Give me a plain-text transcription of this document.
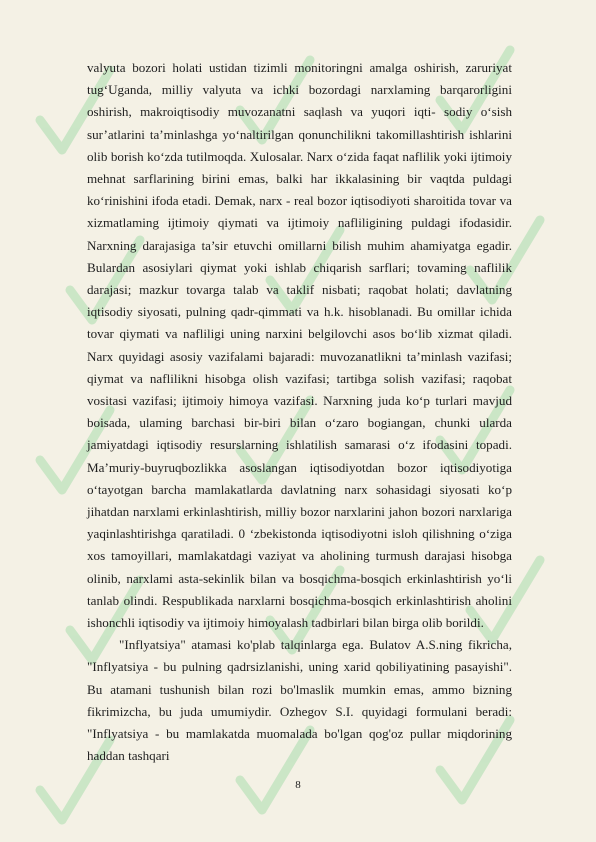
valyuta bozori holati ustidan tizimli monitoringni amalga oshirish, zaruriyat tug‘Uganda, milliy valyuta va ichki bozordagi narxlaming barqarorligini oshirish, makroiqtisodiy muvozanatni saqlash va yuqori iqti- sodiy o‘sish sur’atlarini ta’minlashga yo‘naltirilgan qonunchilikni takomillashtirish ishlarini olib borish ko‘zda tutilmoqda. Xulosalar. Narx o‘zida faqat naflilik yoki ijtimoiy mehnat sarflarining birini emas, balki har ikkalasining bir vaqtda puldagi ko‘rinishini ifoda etadi. Demak, narx - real bozor iqtisodiyoti sharoitida tovar va xizmatlaming ijtimoiy qiymati va ijtimoiy nafliligining puldagi ifodasidir. Narxning darajasiga ta’sir etuvchi omillarni bilish muhim ahamiyatga egadir. Bulardan asosiylari qiymat yoki ishlab chiqarish sarflari; tovaming naflilik darajasi; mazkur tovarga talab va taklif nisbati; raqobat holati; davlatning iqtisodiy siyosati, pulning qadr-qimmati va h.k. hisoblanadi. Bu omillar ichida tovar qiymati va nafliligi uning narxini belgilovchi asos bo‘lib xizmat qiladi. Narx quyidagi asosiy vazifalami bajaradi: muvozanatlikni ta’minlash vazifasi; qiymat va naflilikni hisobga olish vazifasi; tartibga solish vazifasi; raqobat vositasi vazifasi; ijtimoiy himoya vazifasi. Narxning juda ko‘p turlari mavjud boisada, ulaming barchasi bir-biri bilan o‘zaro bogiangan, chunki ularda jamiyatdagi iqtisodiy resurslarning ishlatilish samarasi o‘z ifodasini topadi. Ma’muriy-buyruqbozlikka asoslangan iqtisodiyotdan bozor iqtisodiyotiga o‘tayotgan barcha mamlakatlarda davlatning narx sohasidagi siyosati ko‘p jihatdan narxlami erkinlashtirish, milliy bozor narxlarini jahon bozori narxlariga yaqinlashtirishga qaratiladi. 0 ‘zbekistonda iqtisodiyotni isloh qilishning o‘ziga xos tamoyillari, mamlakatdagi vaziyat va aholining turmush darajasi hisobga olinib, narxlami asta-sekinlik bilan va bosqichma-bosqich erkinlashtirish yo‘li tanlab olindi. Respublikada narxlarni bosqichma-bosqich erkinlashtirish aholini ishonchli iqtisodiy va ijtimoiy himoyalash tadbirlari bilan birga olib borildi.

"Inflyatsiya" atamasi ko'plab talqinlarga ega. Bulatov A.S.ning fikricha, "Inflyatsiya - bu pulning qadrsizlanishi, uning xarid qobiliyatining pasayishi". Bu atamani tushunish bilan rozi bo'lmaslik mumkin emas, ammo bizning fikrimizcha, bu juda umumiydir. Ozhegov S.I. quyidagi formulani beradi: "Inflyatsiya - bu mamlakatda muomalada bo'lgan qog'oz pullar miqdorining haddan tashqari

8
